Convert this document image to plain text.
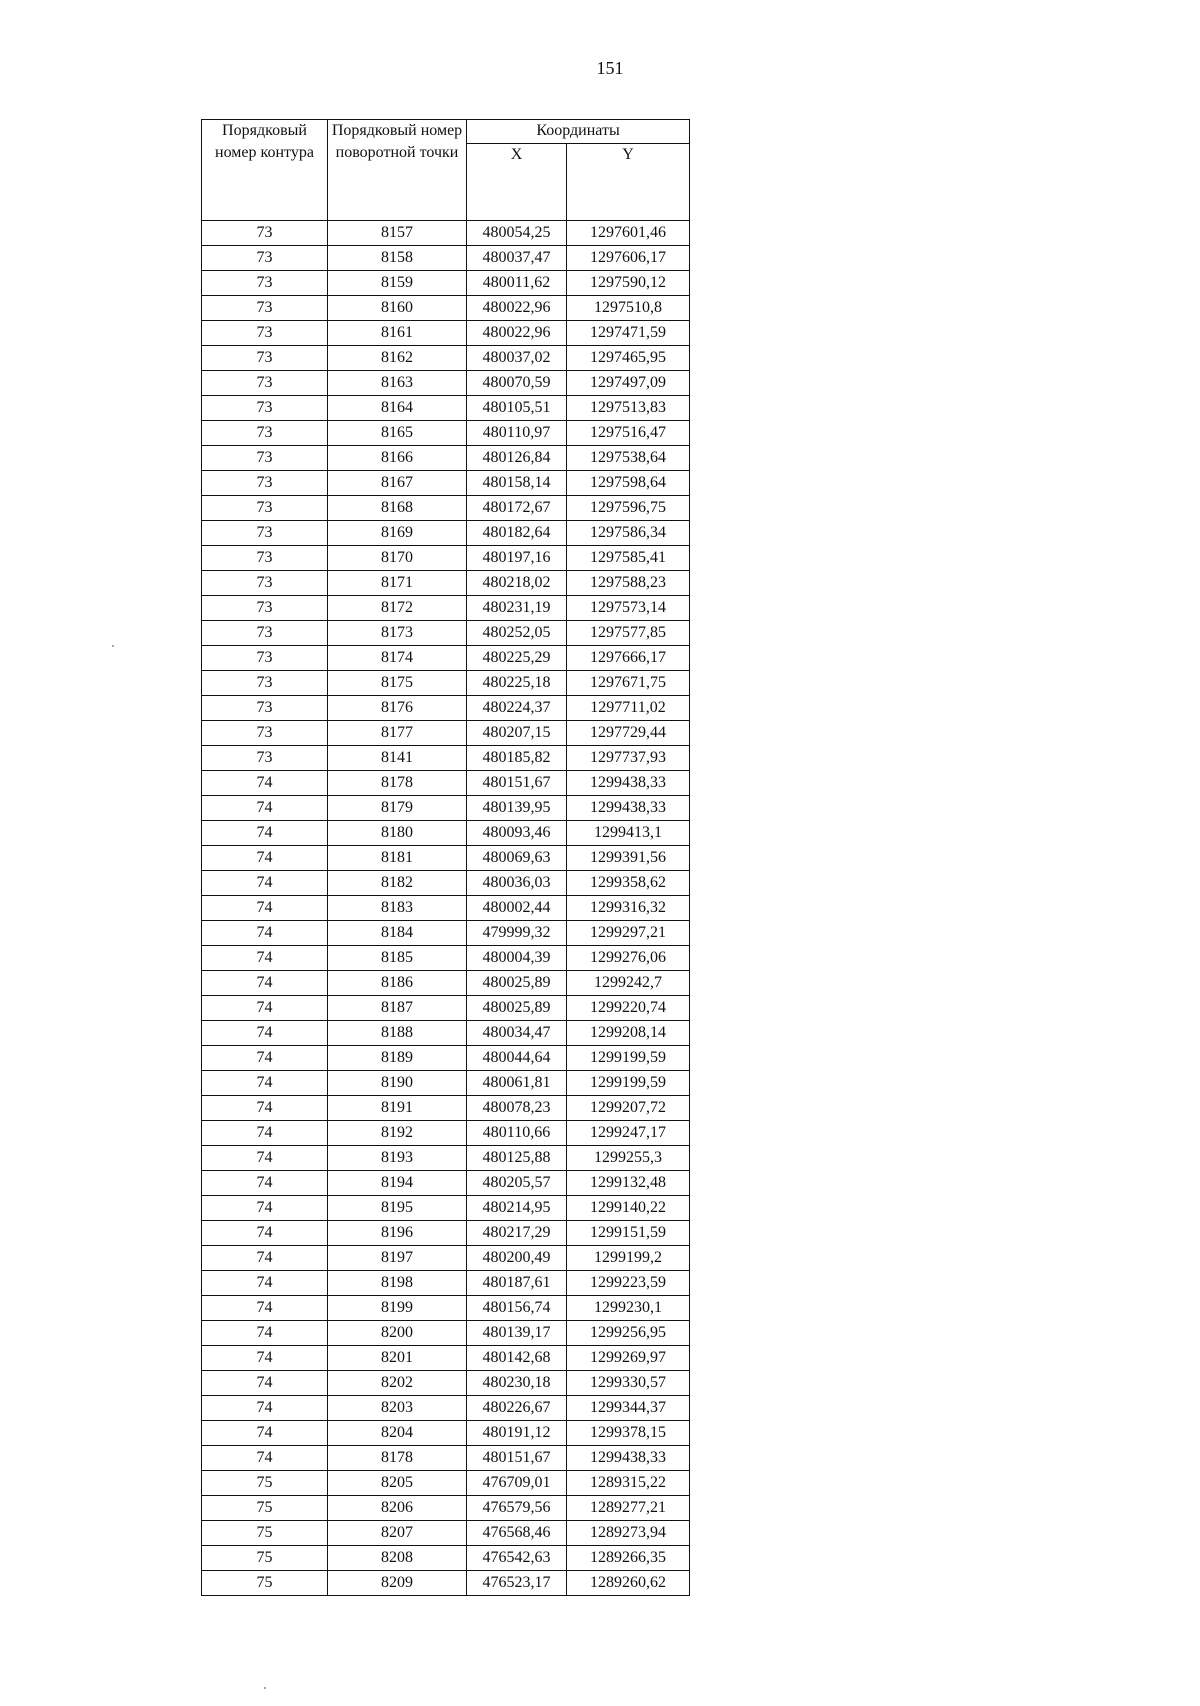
151
Порядковый номер контура	Порядковый номер поворотной точки	Координаты	
		X	Y
73	8157	480054,25	1297601,46
73	8158	480037,47	1297606,17
73	8159	480011,62	1297590,12
73	8160	480022,96	1297510,8
73	8161	480022,96	1297471,59
73	8162	480037,02	1297465,95
73	8163	480070,59	1297497,09
73	8164	480105,51	1297513,83
73	8165	480110,97	1297516,47
73	8166	480126,84	1297538,64
73	8167	480158,14	1297598,64
73	8168	480172,67	1297596,75
73	8169	480182,64	1297586,34
73	8170	480197,16	1297585,41
73	8171	480218,02	1297588,23
73	8172	480231,19	1297573,14
73	8173	480252,05	1297577,85
73	8174	480225,29	1297666,17
73	8175	480225,18	1297671,75
73	8176	480224,37	1297711,02
73	8177	480207,15	1297729,44
73	8141	480185,82	1297737,93
74	8178	480151,67	1299438,33
74	8179	480139,95	1299438,33
74	8180	480093,46	1299413,1
74	8181	480069,63	1299391,56
74	8182	480036,03	1299358,62
74	8183	480002,44	1299316,32
74	8184	479999,32	1299297,21
74	8185	480004,39	1299276,06
74	8186	480025,89	1299242,7
74	8187	480025,89	1299220,74
74	8188	480034,47	1299208,14
74	8189	480044,64	1299199,59
74	8190	480061,81	1299199,59
74	8191	480078,23	1299207,72
74	8192	480110,66	1299247,17
74	8193	480125,88	1299255,3
74	8194	480205,57	1299132,48
74	8195	480214,95	1299140,22
74	8196	480217,29	1299151,59
74	8197	480200,49	1299199,2
74	8198	480187,61	1299223,59
74	8199	480156,74	1299230,1
74	8200	480139,17	1299256,95
74	8201	480142,68	1299269,97
74	8202	480230,18	1299330,57
74	8203	480226,67	1299344,37
74	8204	480191,12	1299378,15
74	8178	480151,67	1299438,33
75	8205	476709,01	1289315,22
75	8206	476579,56	1289277,21
75	8207	476568,46	1289273,94
75	8208	476542,63	1289266,35
75	8209	476523,17	1289260,62
